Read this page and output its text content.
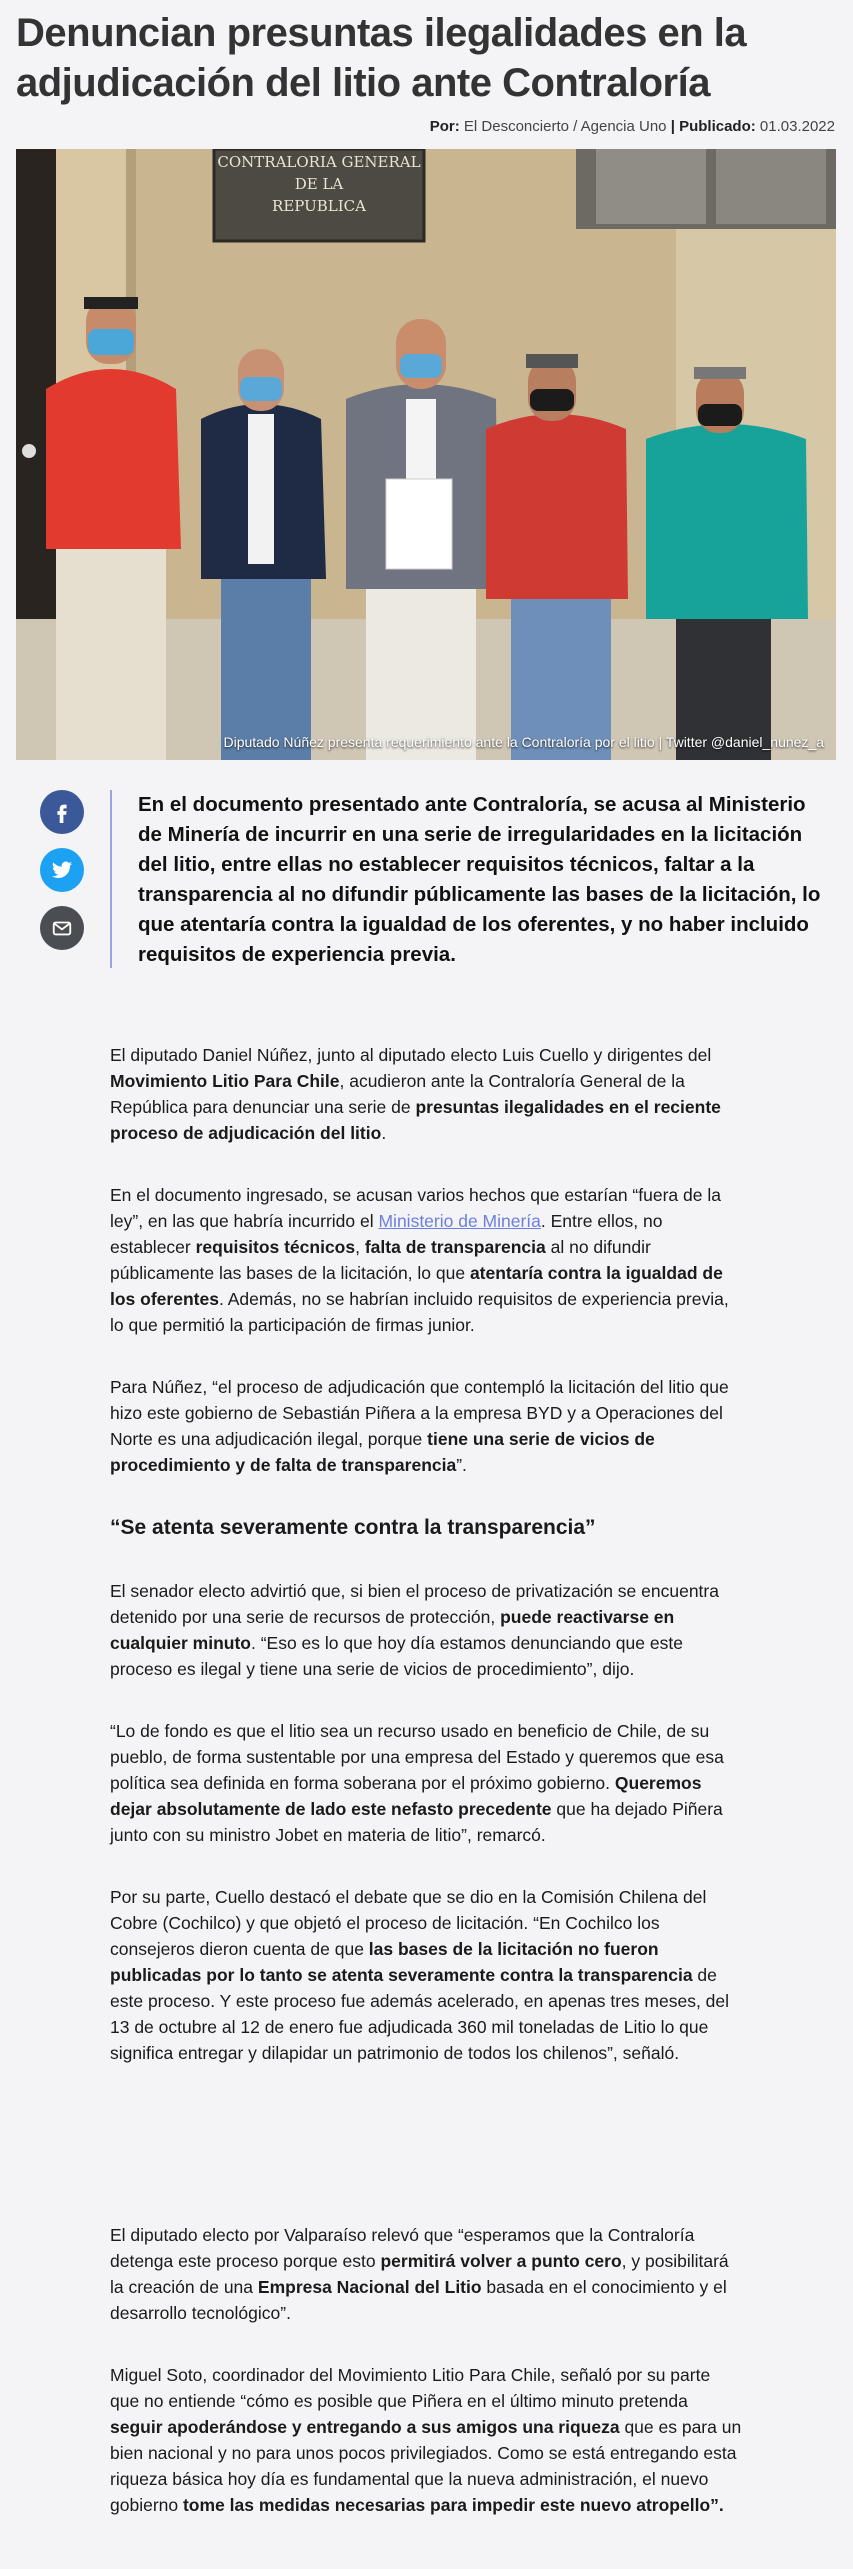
Denuncian presuntas ilegalidades en la adjudicación del litio ante Contraloría
Por: El Desconcierto / Agencia Uno | Publicado: 01.03.2022
CONTRALORIA GENERAL
DE LA
REPUBLICA
Diputado Núñez presenta requerimiento ante la Contraloría por el litio | Twitter @daniel_nunez_a
En el documento presentado ante Contraloría, se acusa al Ministerio de Minería de incurrir en una serie de irregularidades en la licitación del litio, entre ellas no establecer requisitos técnicos, faltar a la transparencia al no difundir públicamente las bases de la licitación, lo que atentaría contra la igualdad de los oferentes, y no haber incluido requisitos de experiencia previa.

El diputado Daniel Núñez, junto al diputado electo Luis Cuello y dirigentes del Movimiento Litio Para Chile, acudieron ante la Contraloría General de la República para denunciar una serie de presuntas ilegalidades en el reciente proceso de adjudicación del litio.

En el documento ingresado, se acusan varios hechos que estarían “fuera de la ley”, en las que habría incurrido el Ministerio de Minería. Entre ellos, no establecer requisitos técnicos, falta de transparencia al no difundir públicamente las bases de la licitación, lo que atentaría contra la igualdad de los oferentes. Además, no se habrían incluido requisitos de experiencia previa, lo que permitió la participación de firmas junior.

Para Núñez, “el proceso de adjudicación que contempló la licitación del litio que hizo este gobierno de Sebastián Piñera a la empresa BYD y a Operaciones del Norte es una adjudicación ilegal, porque tiene una serie de vicios de procedimiento y de falta de transparencia”.

“Se atenta severamente contra la transparencia”

El senador electo advirtió que, si bien el proceso de privatización se encuentra detenido por una serie de recursos de protección, puede reactivarse en cualquier minuto. “Eso es lo que hoy día estamos denunciando que este proceso es ilegal y tiene una serie de vicios de procedimiento”, dijo.

“Lo de fondo es que el litio sea un recurso usado en beneficio de Chile, de su pueblo, de forma sustentable por una empresa del Estado y queremos que esa política sea definida en forma soberana por el próximo gobierno. Queremos dejar absolutamente de lado este nefasto precedente que ha dejado Piñera junto con su ministro Jobet en materia de litio”, remarcó.

Por su parte, Cuello destacó el debate que se dio en la Comisión Chilena del Cobre (Cochilco) y que objetó el proceso de licitación. “En Cochilco los consejeros dieron cuenta de que las bases de la licitación no fueron publicadas por lo tanto se atenta severamente contra la transparencia de este proceso. Y este proceso fue además acelerado, en apenas tres meses, del 13 de octubre al 12 de enero fue adjudicada 360 mil toneladas de Litio lo que significa entregar y dilapidar un patrimonio de todos los chilenos”, señaló.

El diputado electo por Valparaíso relevó que “esperamos que la Contraloría detenga este proceso porque esto permitirá volver a punto cero, y posibilitará la creación de una Empresa Nacional del Litio basada en el conocimiento y el desarrollo tecnológico”.

Miguel Soto, coordinador del Movimiento Litio Para Chile, señaló por su parte que no entiende “cómo es posible que Piñera en el último minuto pretenda seguir apoderándose y entregando a sus amigos una riqueza que es para un bien nacional y no para unos pocos privilegiados. Como se está entregando esta riqueza básica hoy día es fundamental que la nueva administración, el nuevo gobierno tome las medidas necesarias para impedir este nuevo atropello”.
